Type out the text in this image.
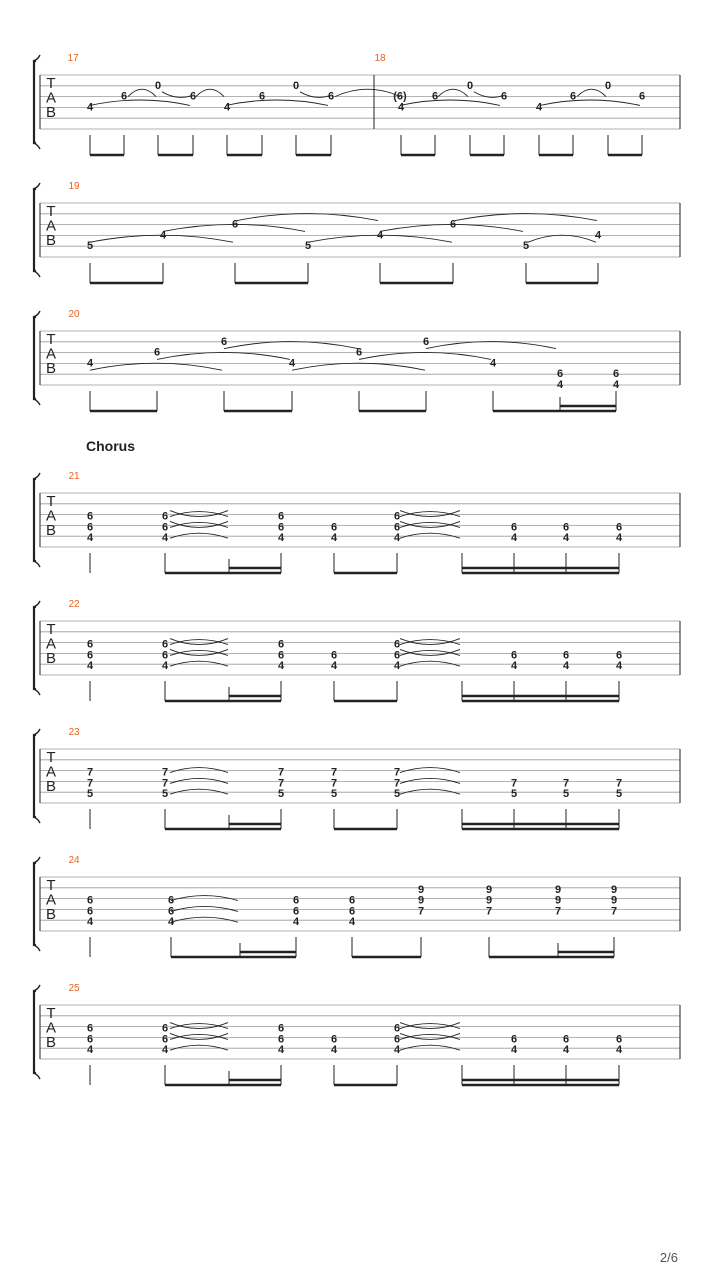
T
A
B
17	18
4
6
0
6
4
6
0
6	(6)
4
6
0
6
4
6
0
6
T
A
B
19
5
4
6
5
4
6
5
4
T
A
B
20
4
6
6
4
6
6
4
6
4
6
4
T
A
B
21
6
6
4
6
6
4
6
6
4
6
4
6
6
4
6
4
6
4
6
4
T
A
B
22
6
6
4
6
6
4
6
6
4
6
4
6
6
4
6
4
6
4
6
4
T
A
B
23
7
7
5
7
7
5
7
7
5
7
7
5
7
7
5
7
5
7
5
7
5
T
A
B
24
6
6
4
6
6
4
6
6
4
6
6
4
9
9
7
9
9
7
9
9
7
9
9
7
T
A
B
25
6
6
4
6
6
4
6
6
4
6
4
6
6
4
6
4
6
4
6
4
Chorus
2/6
